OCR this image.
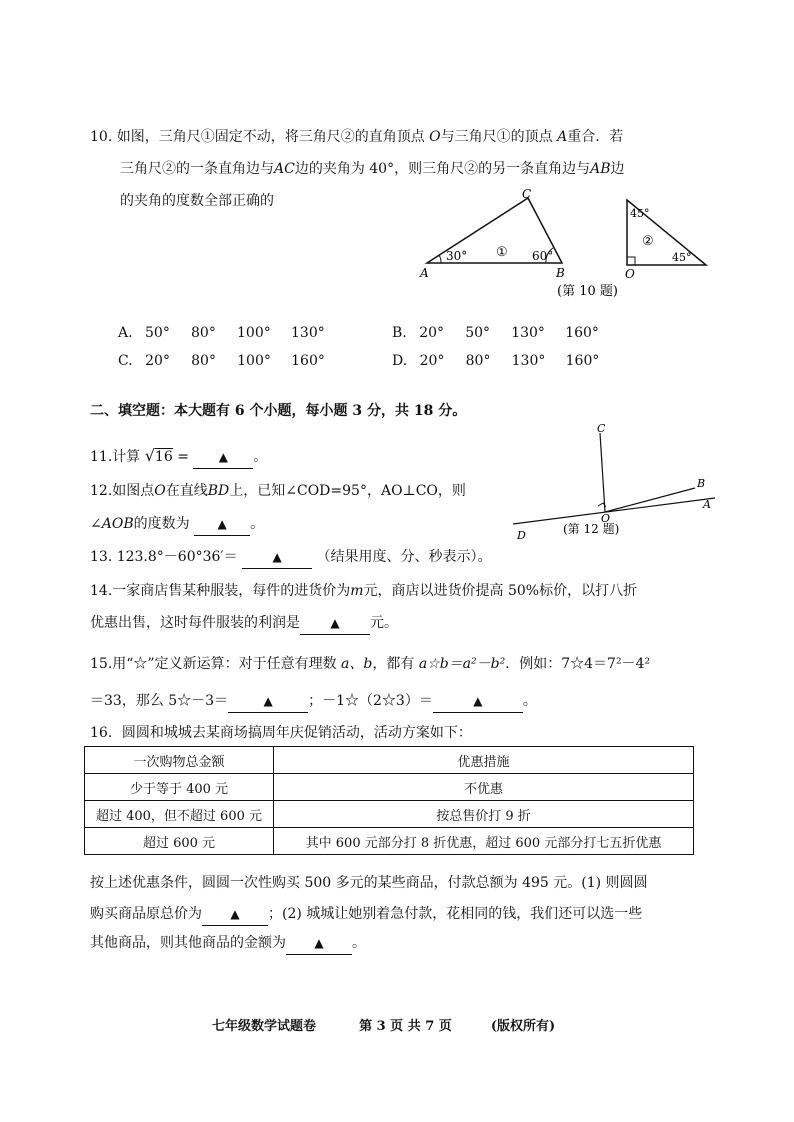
10. 如图，三角尺①固定不动，将三角尺②的直角顶点 O与三角尺①的顶点 A重合．若
三角尺②的一条直角边与AC边的夹角为 40°，则三角尺②的另一条直角边与AB边
的夹角的度数全部正确的
30°	60°
①
A	B
C
45°
45°
②
O
(第 10 题)
A. 50° 80° 100° 130°	B. 20° 50° 130° 160°
C. 20° 80° 100° 160°	D. 20° 80° 130° 160°
二、填空题：本大题有 6 个小题，每小题 3 分，共 18 分。
11.计算 √16 = ▲ 。
12.如图点O在直线BD上，已知∠COD=95°，AO⊥CO，则
∠AOB的度数为 ▲ 。
C
B
A
O
D	(第 12 题)
13. 123.8°－60°36′＝	▲ （结果用度、分、秒表示）。
14.一家商店售某种服装，每件的进货价为m元，商店以进货价提高 50%标价，以打八折
优惠出售，这时每件服装的利润是	▲ 元。
15.用“☆”定义新运算：对于任意有理数 a、b，都有 a☆b＝a²－b²．例如：7☆4＝7²－4²
＝33，那么 5☆－3＝	▲	；－1☆（2☆3）＝	▲	。
16．圆圆和城城去某商场搞周年庆促销活动，活动方案如下：
一次购物总金额	优惠措施
少于等于 400 元	不优惠
超过 400，但不超过 600 元	按总售价打 9 折
超过 600 元	其中 600 元部分打 8 折优惠，超过 600 元部分打七五折优惠
按上述优惠条件，圆圆一次性购买 500 多元的某些商品，付款总额为 495 元。(1) 则圆圆
购买商品原总价为 ▲ ；(2) 城城让她别着急付款，花相同的钱，我们还可以选一些
其他商品，则其他商品的金额为 ▲ 。
七年级数学试题卷	第 3 页 共 7 页	(版权所有)
